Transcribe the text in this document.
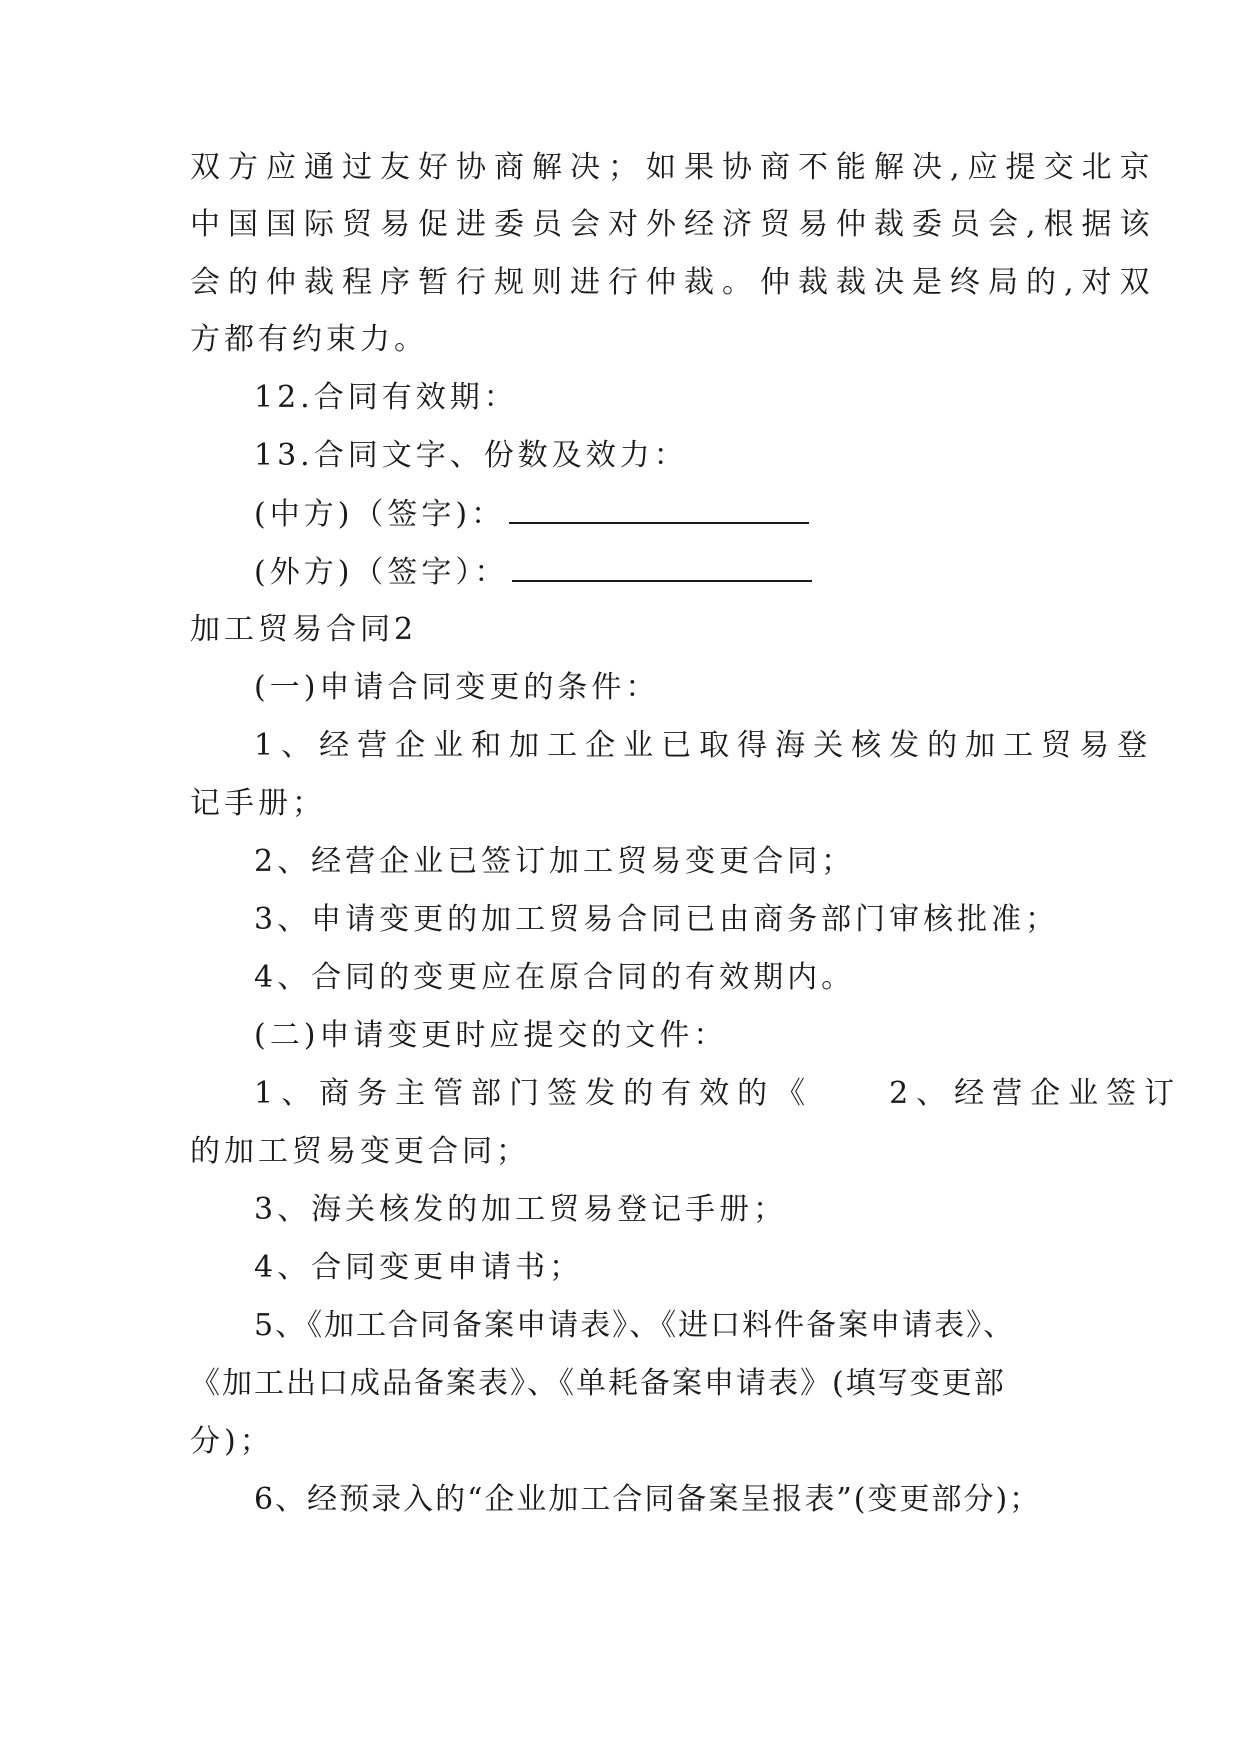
双方应通过友好协商解决；如果协商不能解决,应提交北京
中国国际贸易促进委员会对外经济贸易仲裁委员会,根据该
会的仲裁程序暂行规则进行仲裁。仲裁裁决是终局的,对双
方都有约束力。
12.合同有效期：
13.合同文字、份数及效力：
(中方)（签字)：
(外方)（签字）：
加工贸易合同2
(一)申请合同变更的条件：
1、经营企业和加工企业已取得海关核发的加工贸易登
记手册；
2、经营企业已签订加工贸易变更合同；
3、申请变更的加工贸易合同已由商务部门审核批准；
4、合同的变更应在原合同的有效期内。
(二)申请变更时应提交的文件：
1、商务主管部门签发的有效的《　　2、经营企业签订
的加工贸易变更合同；
3、海关核发的加工贸易登记手册；
4、合同变更申请书；
5、《加工合同备案申请表》、《进口料件备案申请表》、
《加工出口成品备案表》、《单耗备案申请表》(填写变更部
分)；
6、经预录入的“企业加工合同备案呈报表”(变更部分)；
